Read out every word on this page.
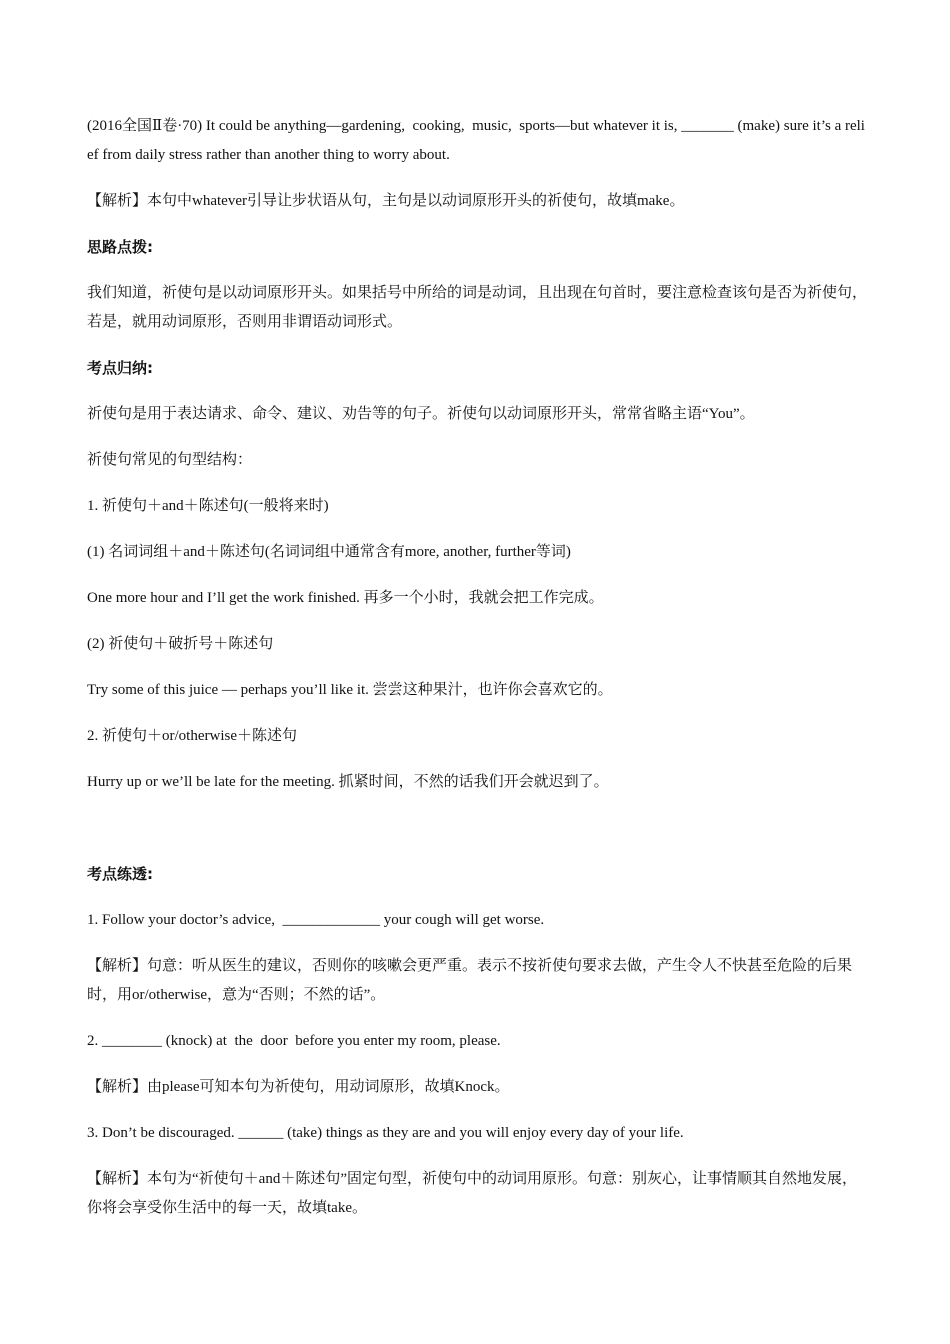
(2016全国Ⅱ卷·70) It could be anything—gardening,  cooking,  music,  sports—but whatever it is, _______ (make) sure it’s a relief from daily stress rather than another thing to worry about.

【解析】本句中whatever引导让步状语从句，主句是以动词原形开头的祈使句，故填make。

思路点拨:

我们知道，祈使句是以动词原形开头。如果括号中所给的词是动词，且出现在句首时，要注意检查该句是否为祈使句，若是，就用动词原形，否则用非谓语动词形式。

考点归纳:

祈使句是用于表达请求、命令、建议、劝告等的句子。祈使句以动词原形开头，常常省略主语“You”。

祈使句常见的句型结构：

1. 祈使句＋and＋陈述句(一般将来时)

(1) 名词词组＋and＋陈述句(名词词组中通常含有more, another, further等词)

One more hour and I’ll get the work finished. 再多一个小时，我就会把工作完成。

(2) 祈使句＋破折号＋陈述句

Try some of this juice — perhaps you’ll like it. 尝尝这种果汁，也许你会喜欢它的。

2. 祈使句＋or/otherwise＋陈述句

Hurry up or we’ll be late for the meeting. 抓紧时间，不然的话我们开会就迟到了。

考点练透:

1. Follow your doctor’s advice,  _____________ your cough will get worse.

【解析】句意：听从医生的建议，否则你的咳嗽会更严重。表示不按祈使句要求去做，产生令人不快甚至危险的后果时，用or/otherwise，意为“否则；不然的话”。

2. ________ (knock) at  the  door  before you enter my room, please.

【解析】由please可知本句为祈使句，用动词原形，故填Knock。

3. Don’t be discouraged. ______ (take) things as they are and you will enjoy every day of your life.

【解析】本句为“祈使句＋and＋陈述句”固定句型，祈使句中的动词用原形。句意：别灰心，让事情顺其自然地发展，你将会享受你生活中的每一天，故填take。
